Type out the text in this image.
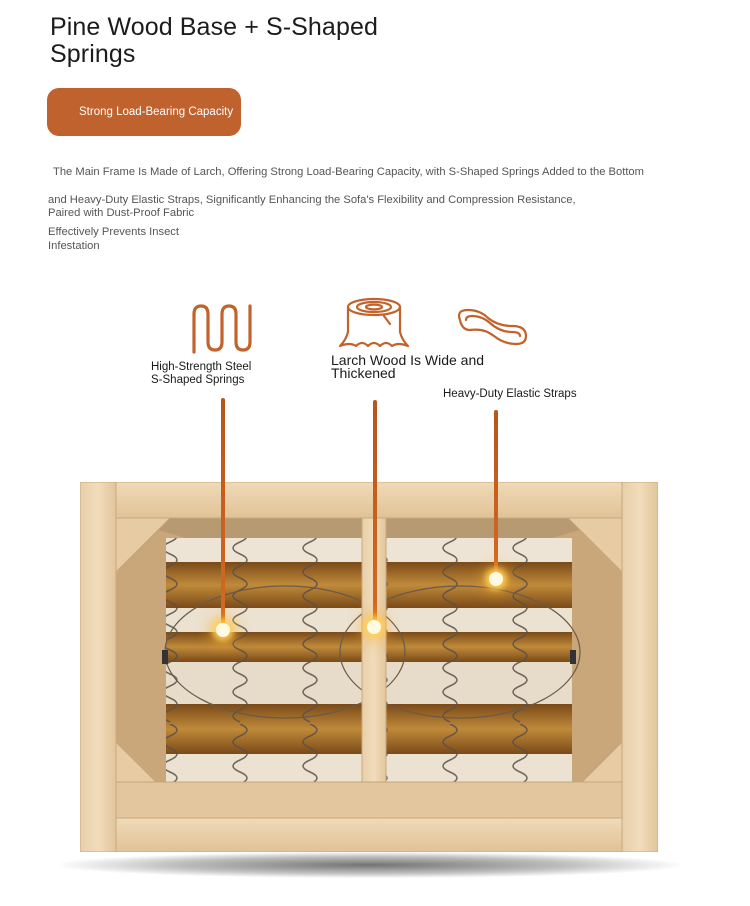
Pine Wood Base + S-Shaped
Springs
Strong Load-Bearing Capacity
The Main Frame Is Made of Larch, Offering Strong Load-Bearing Capacity, with S-Shaped Springs Added to the Bottom
and Heavy-Duty Elastic Straps, Significantly Enhancing the Sofa's Flexibility and Compression Resistance,
Paired with Dust-Proof Fabric
Effectively Prevents Insect
Infestation
High-Strength Steel
S-Shaped Springs
Larch Wood Is Wide and
Thickened
Heavy-Duty Elastic Straps
